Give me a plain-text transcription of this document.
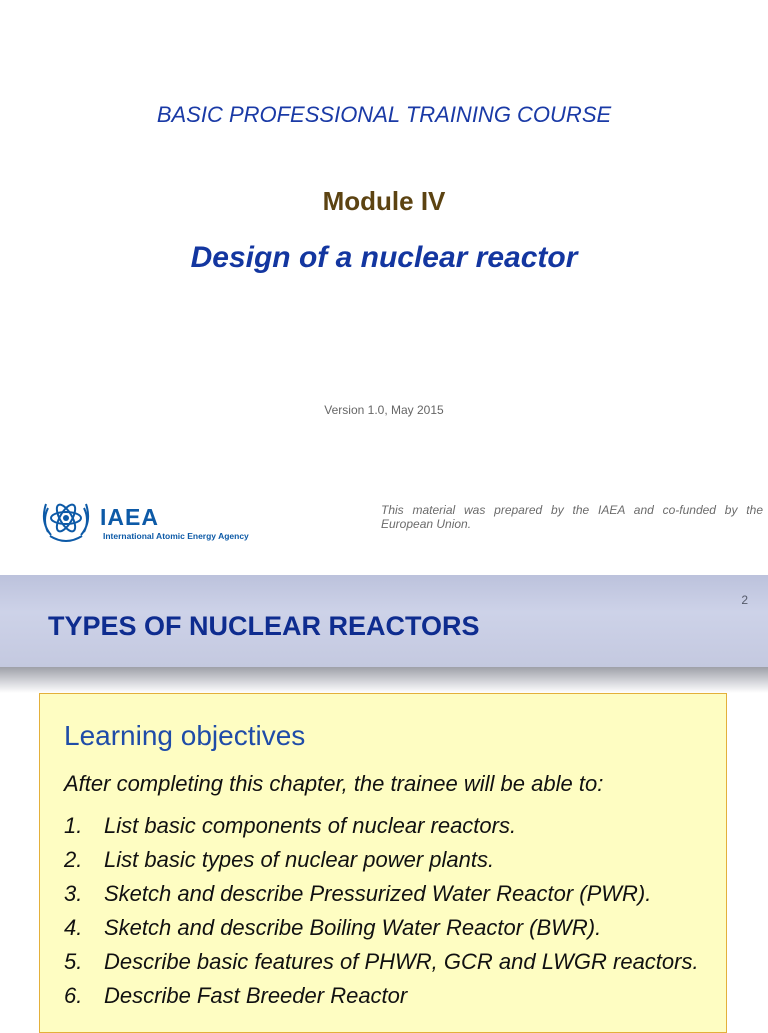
BASIC PROFESSIONAL TRAINING COURSE
Module IV
Design of a nuclear reactor
Version 1.0, May 2015
IAEA
International Atomic Energy Agency
This material was prepared by the IAEA and co-funded by the European Union.
2
TYPES OF NUCLEAR REACTORS
Learning objectives
After completing this chapter, the trainee will be able to:
1. List basic components of nuclear reactors.
2. List basic types of nuclear power plants.
3. Sketch and describe Pressurized Water Reactor (PWR).
4. Sketch and describe Boiling Water Reactor (BWR).
5. Describe basic features of PHWR, GCR and LWGR reactors.
6. Describe Fast Breeder Reactor
